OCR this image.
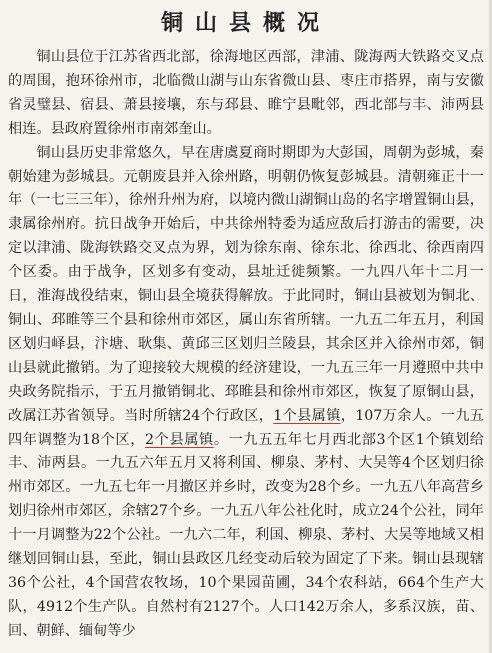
铜山县概况

铜山县位于江苏省西北部，徐海地区西部，津浦、陇海两大铁路交叉点的周围，抱环徐州市，北临微山湖与山东省微山县、枣庄市搭界，南与安徽省灵璧县、宿县、萧县接壤，东与邳县、睢宁县毗邻，西北部与丰、沛两县相连。县政府置徐州市南郊奎山。

铜山县历史非常悠久，早在唐虞夏商时期即为大彭国，周朝为彭城，秦朝始建为彭城县。元朝废县并入徐州路，明朝仍恢复彭城县。清朝雍正十一年（一七三三年），徐州升州为府，以境内微山湖铜山岛的名字增置铜山县，隶属徐州府。抗日战争开始后，中共徐州特委为适应敌后打游击的需要，决定以津浦、陇海铁路交叉点为界，划为徐东南、徐东北、徐西北、徐西南四个区委。由于战争，区划多有变动，县址迁徙频繁。一九四八年十二月一日，淮海战役结束，铜山县全境获得解放。于此同时，铜山县被划为铜北、铜山、邳睢等三个县和徐州市郊区，属山东省所辖。一九五二年五月，利国区划归峄县，汴塘、耿集、黄邱三区划归兰陵县，其余区并入徐州市郊，铜山县就此撤销。为了迎接较大规模的经济建设，一九五三年一月遵照中共中央政务院指示，于五月撤销铜北、邳睢县和徐州市郊区，恢复了原铜山县，改属江苏省领导。当时所辖24个行政区，1个县属镇，107万余人。一九五四年调整为18个区，2个县属镇。一九五五年七月西北部3个区1个镇划给丰、沛两县。一九五六年五月又将利国、柳泉、茅村、大吴等4个区划归徐州市郊区。一九五七年一月撤区并乡时，改变为28个乡。一九五八年高营乡划归徐州市郊区，余辖27个乡。一九五八年公社化时，成立24个公社，同年十一月调整为22个公社。一九六二年，利国、柳泉、茅村、大吴等地域又相继划回铜山县，至此，铜山县政区几经变动后较为固定了下来。铜山县现辖36个公社，4个国营农牧场，10个果园苗圃，34个农科站，664个生产大队，4912个生产队。自然村有2127个。人口142万余人，多系汉族，苗、回、朝鲜、缅甸等少
